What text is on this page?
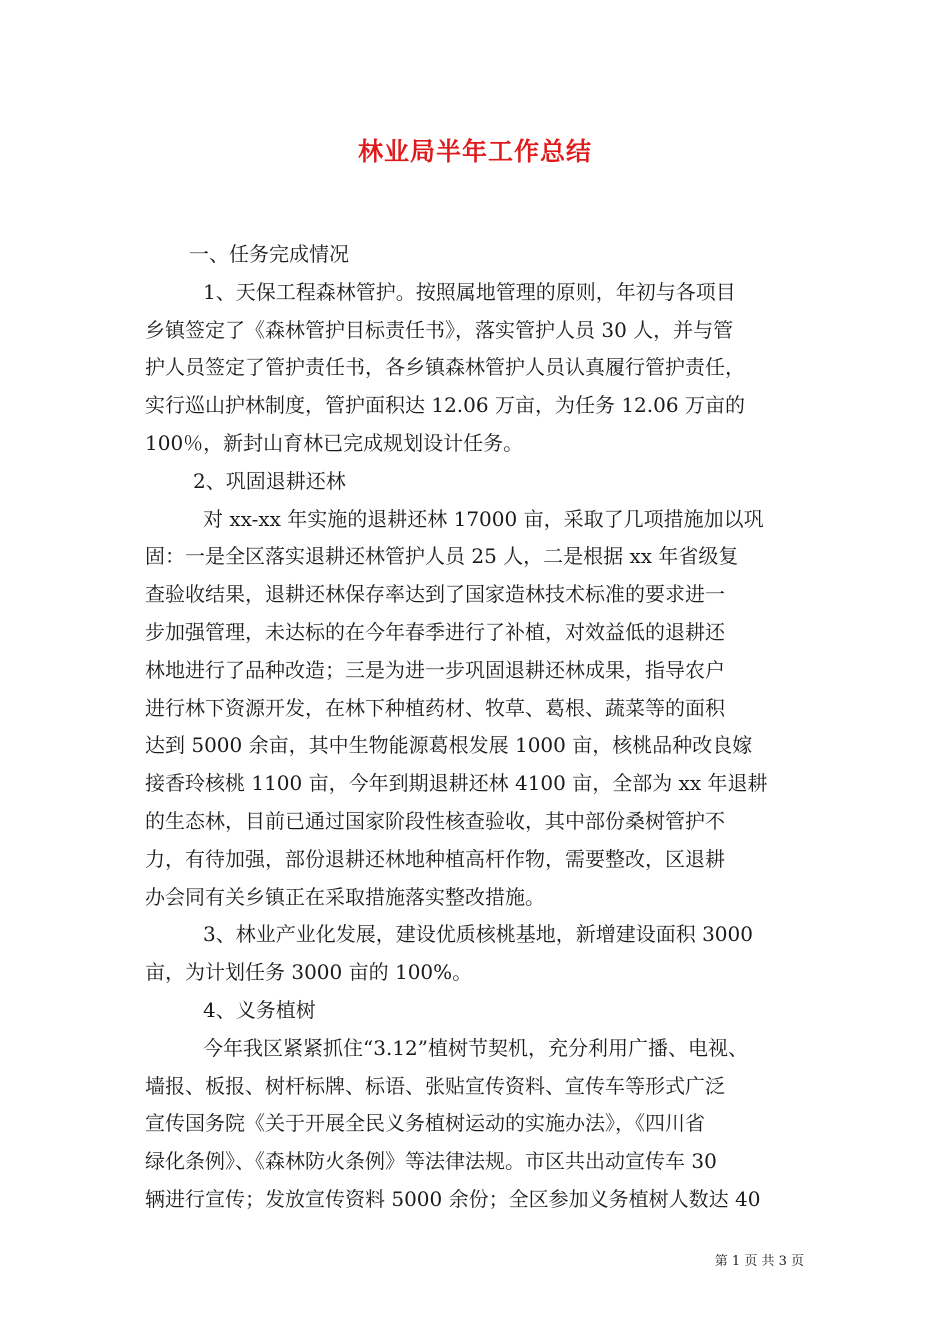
林业局半年工作总结
一、任务完成情况
1、天保工程森林管护。按照属地管理的原则，年初与各项目
乡镇签定了《森林管护目标责任书》，落实管护人员 30 人，并与管
护人员签定了管护责任书，各乡镇森林管护人员认真履行管护责任，
实行巡山护林制度，管护面积达 12.06 万亩，为任务 12.06 万亩的
100％，新封山育林已完成规划设计任务。
2、巩固退耕还林
对 xx-xx 年实施的退耕还林 17000 亩，采取了几项措施加以巩
固：一是全区落实退耕还林管护人员 25 人，二是根据 xx 年省级复
查验收结果，退耕还林保存率达到了国家造林技术标准的要求进一
步加强管理，未达标的在今年春季进行了补植，对效益低的退耕还
林地进行了品种改造；三是为进一步巩固退耕还林成果，指导农户
进行林下资源开发，在林下种植药材、牧草、葛根、蔬菜等的面积
达到 5000 余亩，其中生物能源葛根发展 1000 亩，核桃品种改良嫁
接香玲核桃 1100 亩，今年到期退耕还林 4100 亩，全部为 xx 年退耕
的生态林，目前已通过国家阶段性核查验收，其中部份桑树管护不
力，有待加强，部份退耕还林地种植高杆作物，需要整改，区退耕
办会同有关乡镇正在采取措施落实整改措施。
3、林业产业化发展，建设优质核桃基地，新增建设面积 3000
亩，为计划任务 3000 亩的 100%。
4、义务植树
今年我区紧紧抓住“3.12”植树节契机，充分利用广播、电视、
墙报、板报、树杆标牌、标语、张贴宣传资料、宣传车等形式广泛
宣传国务院《关于开展全民义务植树运动的实施办法》，《四川省
绿化条例》、《森林防火条例》等法律法规。市区共出动宣传车 30
辆进行宣传；发放宣传资料 5000 余份；全区参加义务植树人数达 40
第 1 页 共 3 页
